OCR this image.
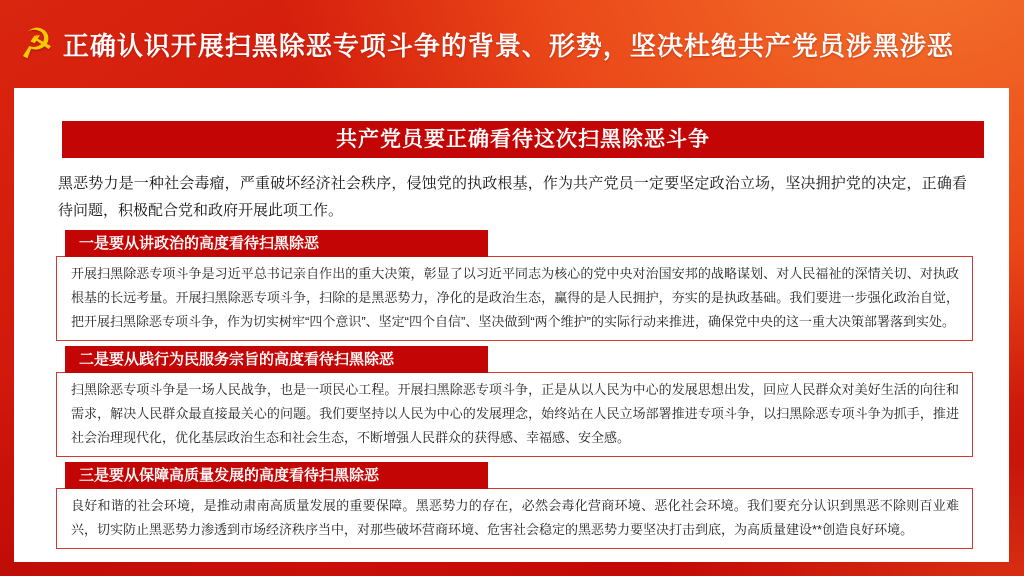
☭ 正确认识开展扫黑除恶专项斗争的背景、形势，坚决杜绝共产党员涉黑涉恶
共产党员要正确看待这次扫黑除恶斗争
黑恶势力是一种社会毒瘤，严重破坏经济社会秩序，侵蚀党的执政根基，作为共产党员一定要坚定政治立场，坚决拥护党的决定，正确看待问题，积极配合党和政府开展此项工作。
一是要从讲政治的高度看待扫黑除恶
开展扫黑除恶专项斗争是习近平总书记亲自作出的重大决策，彰显了以习近平同志为核心的党中央对治国安邦的战略谋划、对人民福祉的深情关切、对执政根基的长远考量。开展扫黑除恶专项斗争，扫除的是黑恶势力，净化的是政治生态，赢得的是人民拥护，夯实的是执政基础。我们要进一步强化政治自觉，把开展扫黑除恶专项斗争，作为切实树牢“四个意识”、坚定“四个自信”、坚决做到“两个维护”的实际行动来推进，确保党中央的这一重大决策部署落到实处。
二是要从践行为民服务宗旨的高度看待扫黑除恶
扫黑除恶专项斗争是一场人民战争，也是一项民心工程。开展扫黑除恶专项斗争，正是从以人民为中心的发展思想出发，回应人民群众对美好生活的向往和需求，解决人民群众最直接最关心的问题。我们要坚持以人民为中心的发展理念，始终站在人民立场部署推进专项斗争，以扫黑除恶专项斗争为抓手，推进社会治理现代化，优化基层政治生态和社会生态，不断增强人民群众的获得感、幸福感、安全感。
三是要从保障高质量发展的高度看待扫黑除恶
良好和谐的社会环境，是推动肃南高质量发展的重要保障。黑恶势力的存在，必然会毒化营商环境、恶化社会环境。我们要充分认识到黑恶不除则百业难兴，切实防止黑恶势力渗透到市场经济秩序当中，对那些破坏营商环境、危害社会稳定的黑恶势力要坚决打击到底，为高质量建设**创造良好环境。
